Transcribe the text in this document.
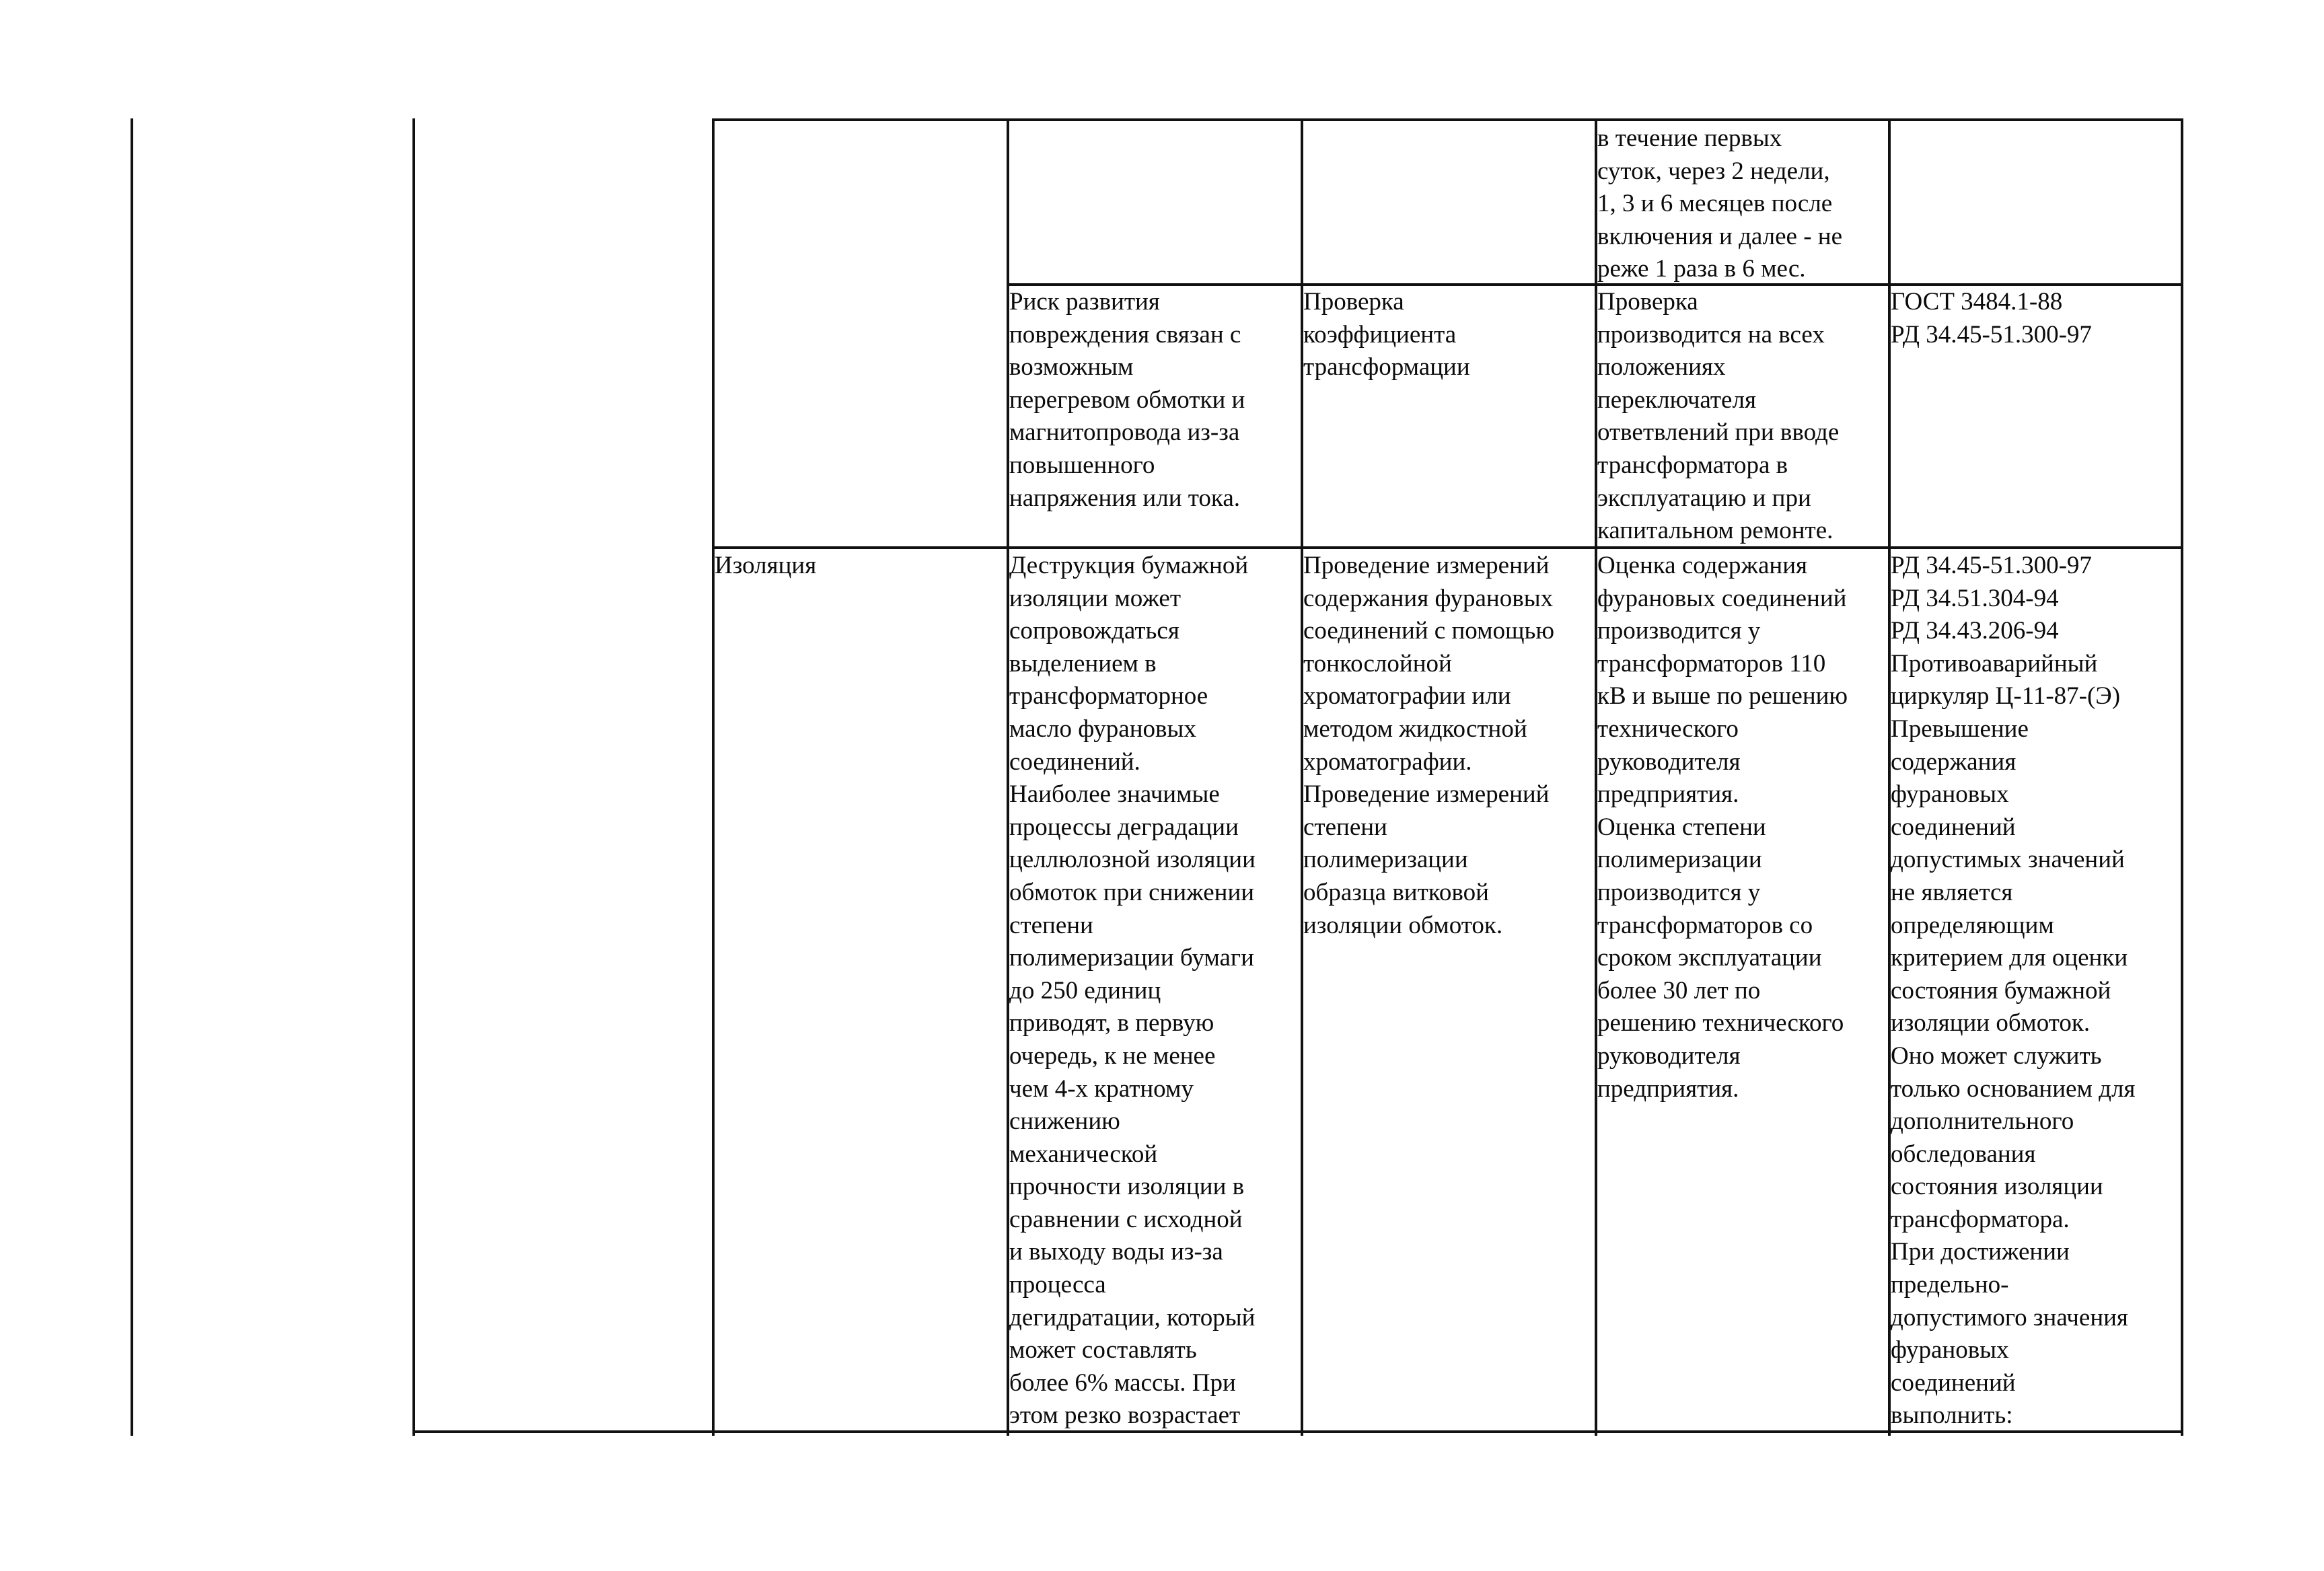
в течение первых
суток, через 2 недели,
1, 3 и 6 месяцев после
включения и далее - не
реже 1 раза в 6 мес.
Риск развития
повреждения связан с
возможным
перегревом обмотки и
магнитопровода из-за
повышенного
напряжения или тока.
Проверка
коэффициента
трансформации
Проверка
производится на всех
положениях
переключателя
ответвлений при вводе
трансформатора в
эксплуатацию и при
капитальном ремонте.
ГОСТ 3484.1-88
РД 34.45-51.300-97
Изоляция	Деструкция бумажной
изоляции может
сопровождаться
выделением в
трансформаторное
масло фурановых
соединений.
Наиболее значимые
процессы деградации
целлюлозной изоляции
обмоток при снижении
степени
полимеризации бумаги
до 250 единиц
приводят, в первую
очередь, к не менее
чем 4-х кратному
снижению
механической
прочности изоляции в
сравнении с исходной
и выходу воды из-за
процесса
дегидратации, который
может составлять
более 6% массы. При
этом резко возрастает
Проведение измерений
содержания фурановых
соединений с помощью
тонкослойной
хроматографии или
методом жидкостной
хроматографии.
Проведение измерений
степени
полимеризации
образца витковой
изоляции обмоток.
Оценка содержания
фурановых соединений
производится у
трансформаторов 110
кВ и выше по решению
технического
руководителя
предприятия.
Оценка степени
полимеризации
производится у
трансформаторов со
сроком эксплуатации
более 30 лет по
решению технического
руководителя
предприятия.
РД 34.45-51.300-97
РД 34.51.304-94
РД 34.43.206-94
Противоаварийный
циркуляр Ц-11-87-(Э)
Превышение
содержания
фурановых
соединений
допустимых значений
не является
определяющим
критерием для оценки
состояния бумажной
изоляции обмоток.
Оно может служить
только основанием для
дополнительного
обследования
состояния изоляции
трансформатора.
При достижении
предельно-
допустимого значения
фурановых
соединений
выполнить:
